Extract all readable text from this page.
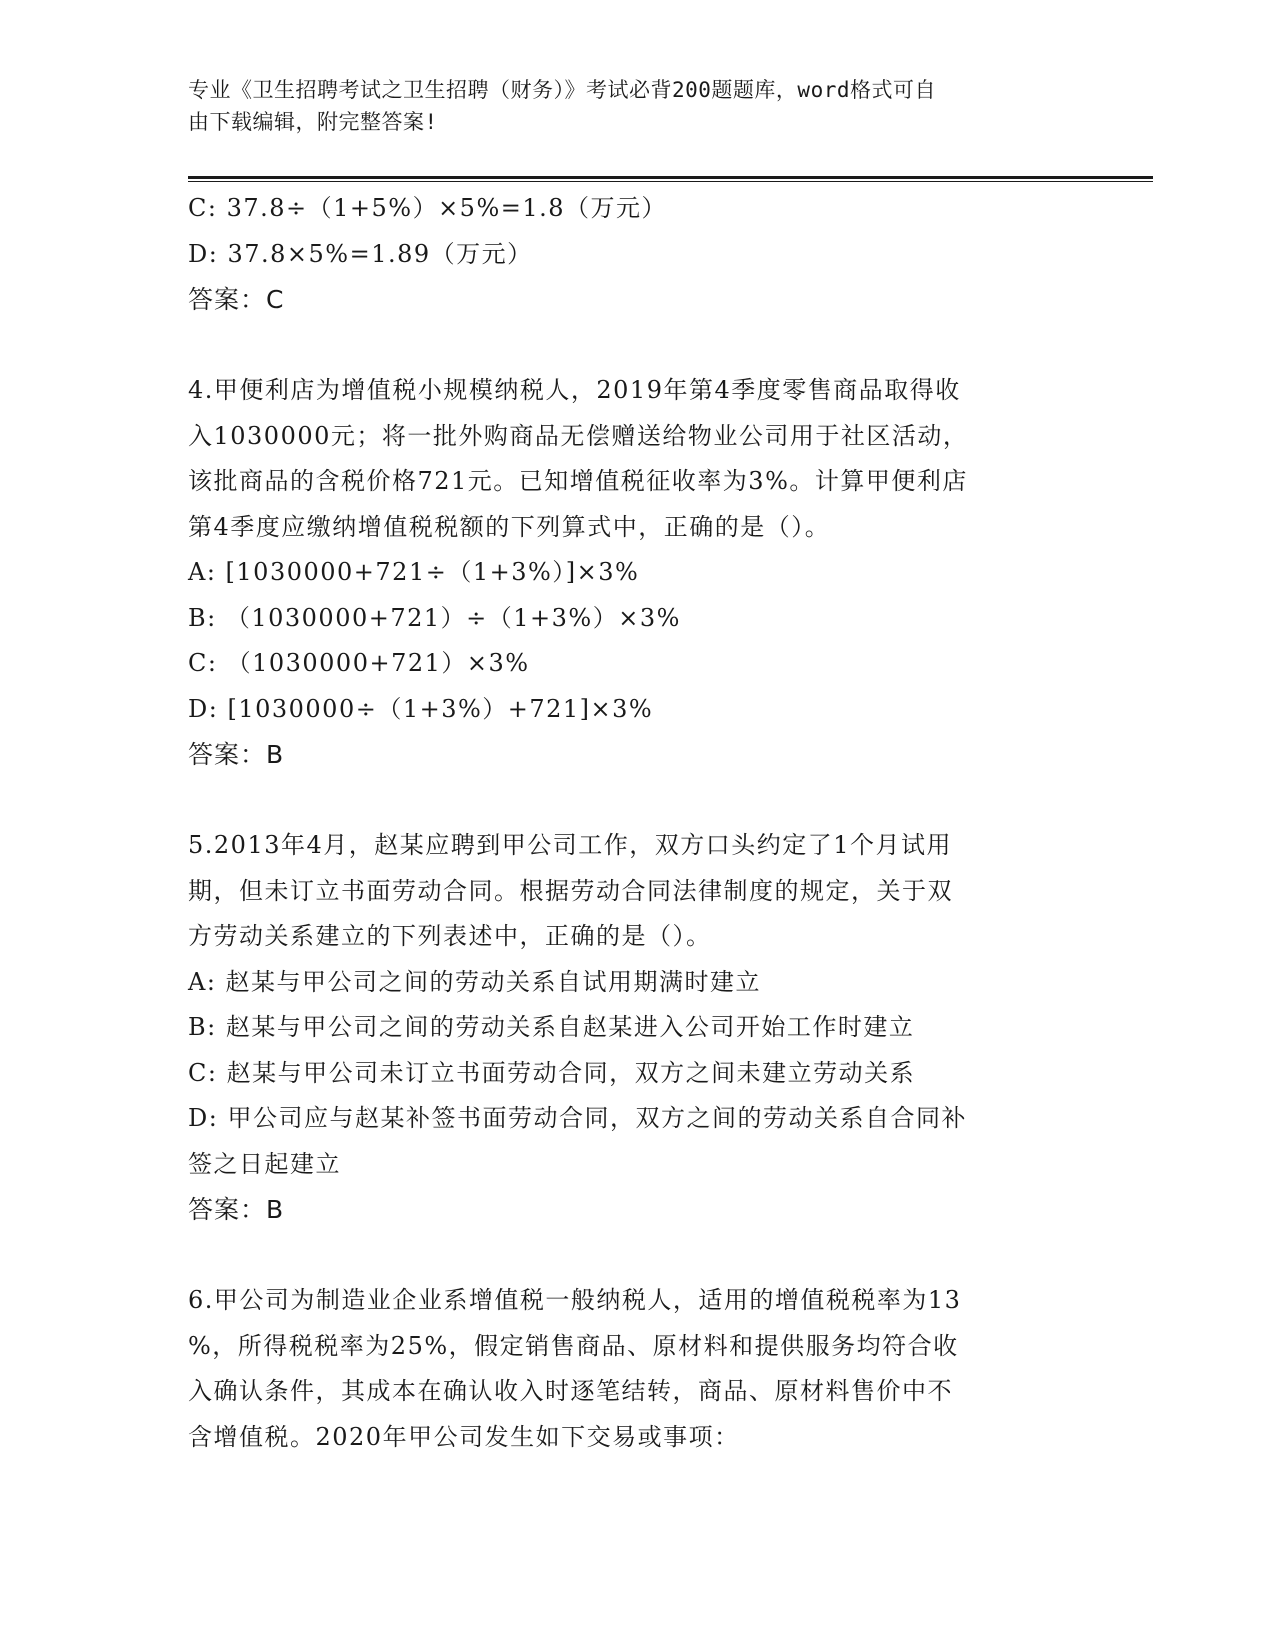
专业《卫生招聘考试之卫生招聘（财务）》考试必背200题题库，word格式可自
由下载编辑，附完整答案!
C: 37.8÷（1+5%）×5%=1.8（万元）
D: 37.8×5%=1.89（万元）
答案：C
4.甲便利店为增值税小规模纳税人，2019年第4季度零售商品取得收
入1030000元；将一批外购商品无偿赠送给物业公司用于社区活动，
该批商品的含税价格721元。已知增值税征收率为3%。计算甲便利店
第4季度应缴纳增值税税额的下列算式中，正确的是（）。
A: [1030000+721÷（1+3%）]×3%
B: （1030000+721）÷（1+3%）×3%
C: （1030000+721）×3%
D: [1030000÷（1+3%）+721]×3%
答案：B
5.2013年4月，赵某应聘到甲公司工作，双方口头约定了1个月试用
期，但未订立书面劳动合同。根据劳动合同法律制度的规定，关于双
方劳动关系建立的下列表述中，正确的是（）。
A: 赵某与甲公司之间的劳动关系自试用期满时建立
B: 赵某与甲公司之间的劳动关系自赵某进入公司开始工作时建立
C: 赵某与甲公司未订立书面劳动合同，双方之间未建立劳动关系
D: 甲公司应与赵某补签书面劳动合同，双方之间的劳动关系自合同补
签之日起建立
答案：B
6.甲公司为制造业企业系增值税一般纳税人，适用的增值税税率为13
%，所得税税率为25%，假定销售商品、原材料和提供服务均符合收
入确认条件，其成本在确认收入时逐笔结转，商品、原材料售价中不
含增值税。2020年甲公司发生如下交易或事项：
